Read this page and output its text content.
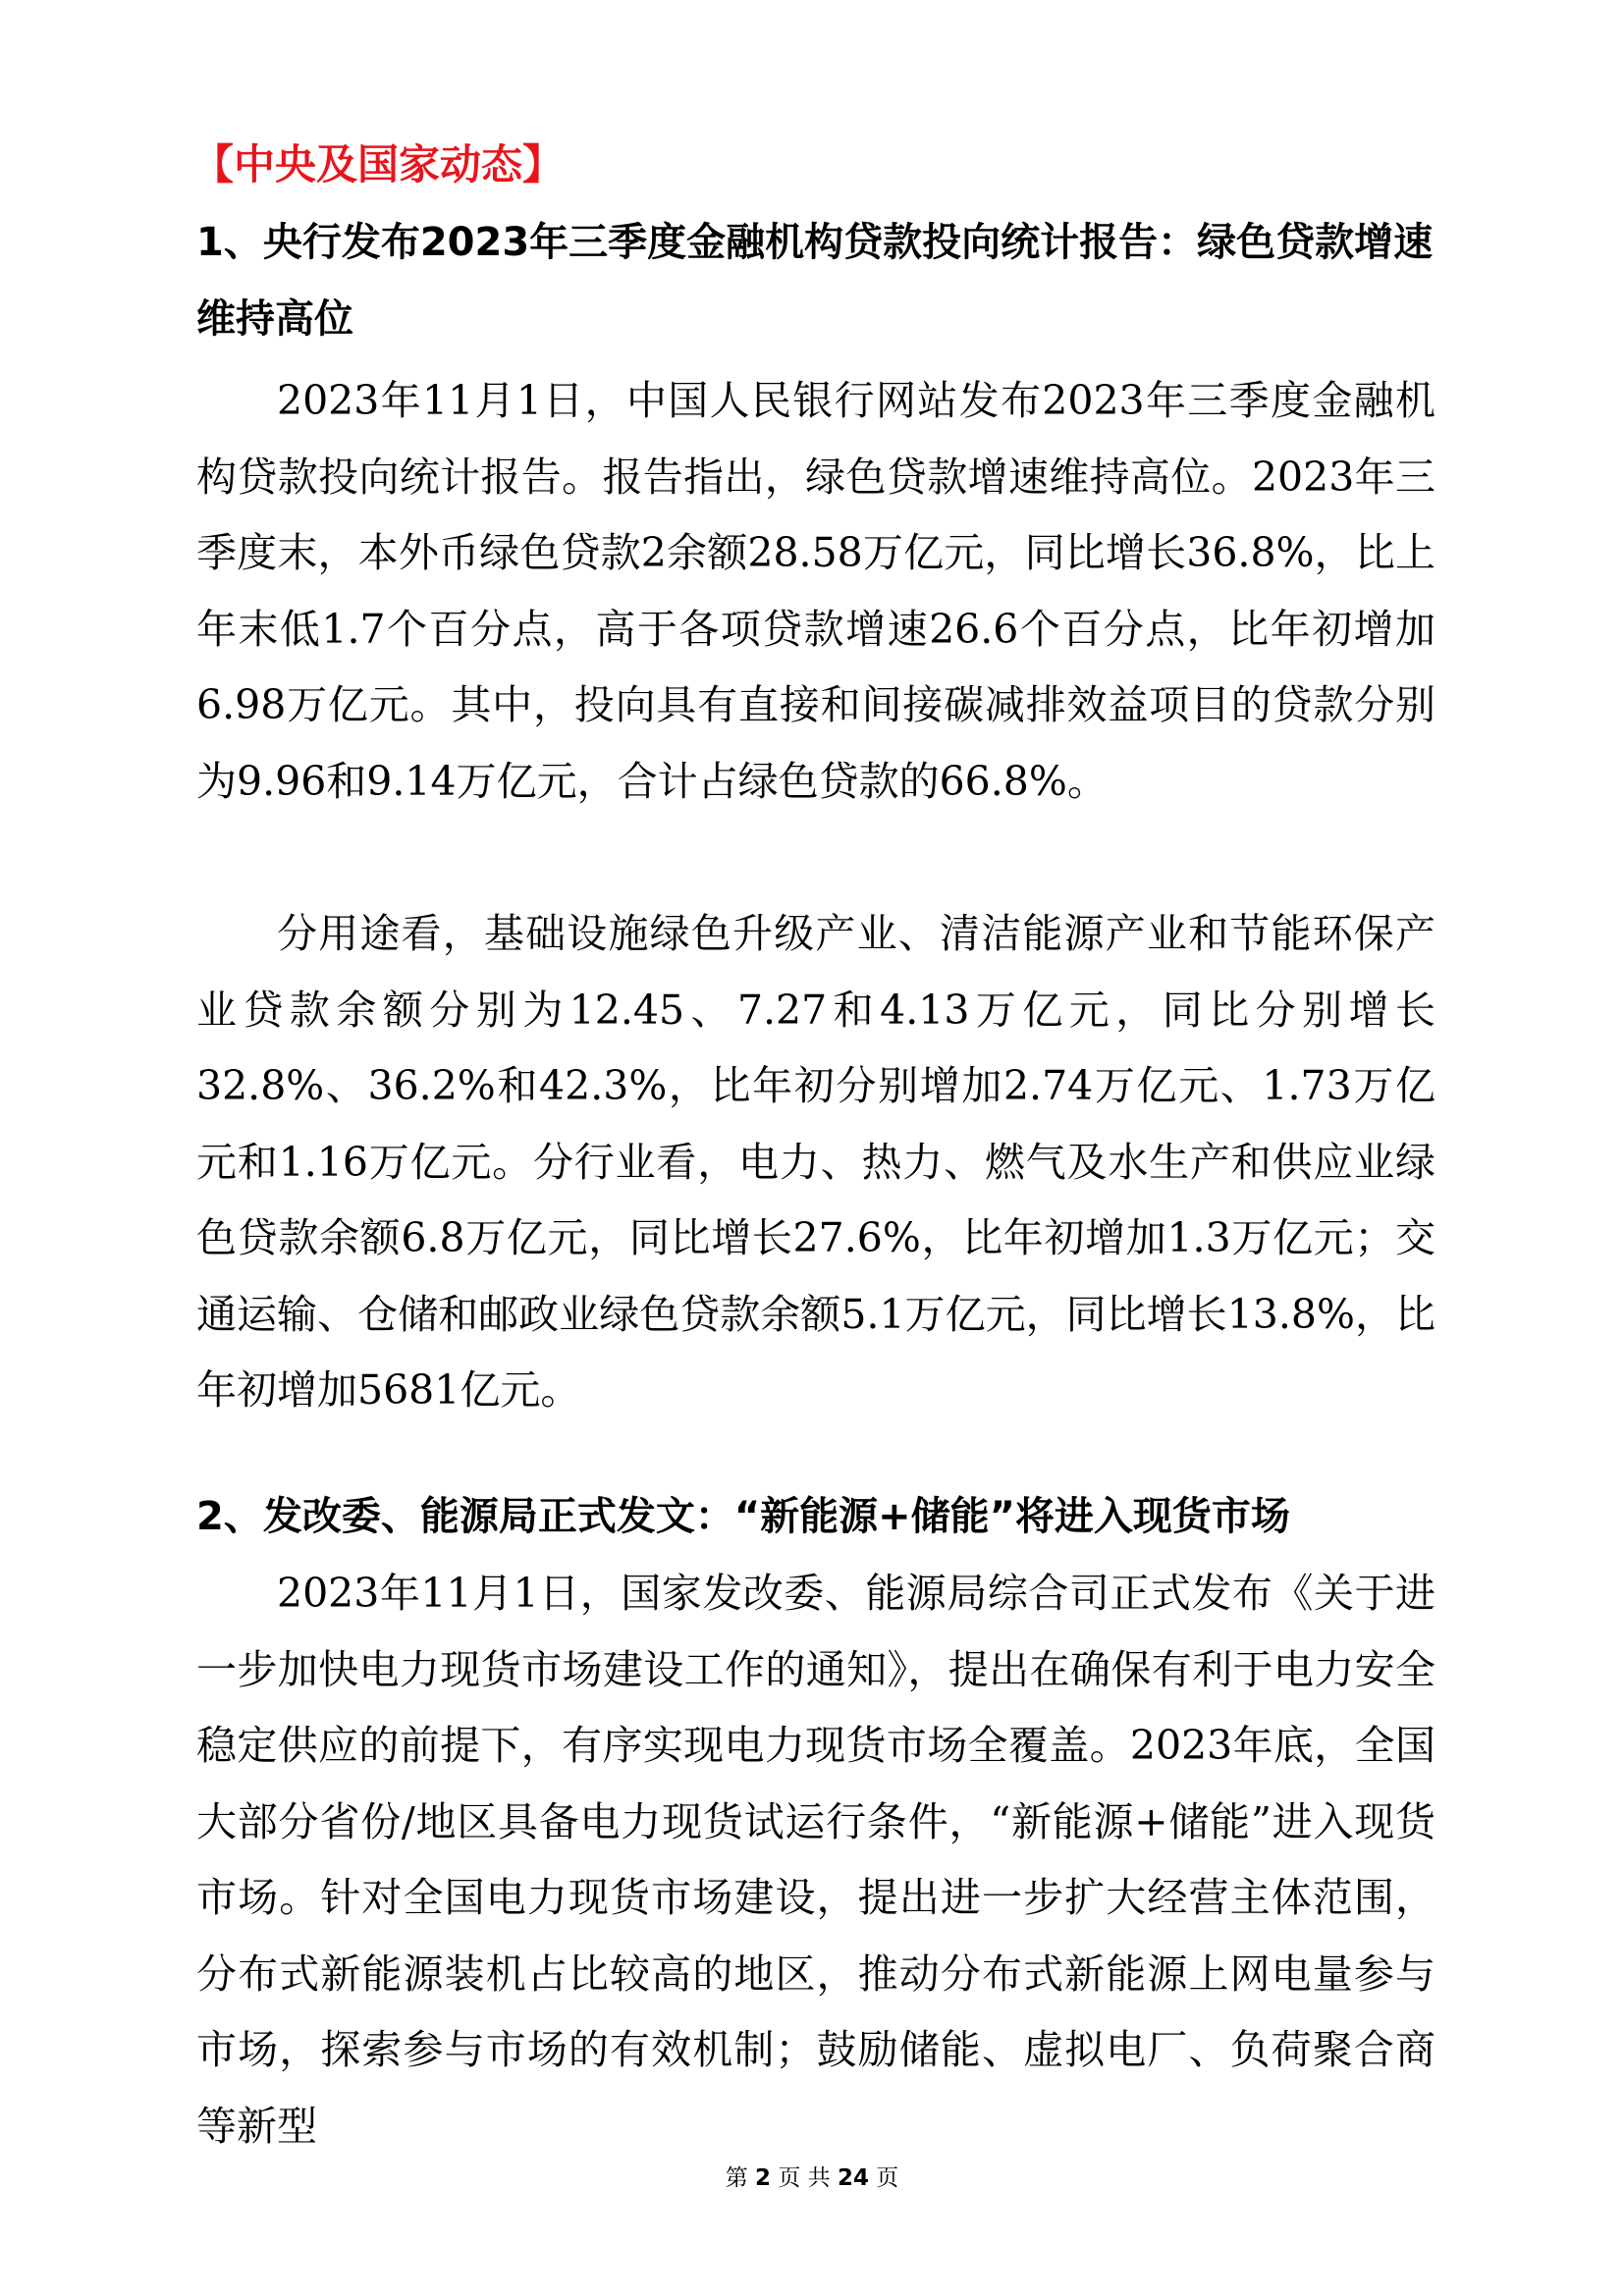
【中央及国家动态】
1、央行发布2023年三季度金融机构贷款投向统计报告：绿色贷款增速维持高位

2023年11月1日，中国人民银行网站发布2023年三季度金融机构贷款投向统计报告。报告指出，绿色贷款增速维持高位。2023年三季度末，本外币绿色贷款2余额28.58万亿元，同比增长36.8%，比上年末低1.7个百分点，高于各项贷款增速26.6个百分点，比年初增加6.98万亿元。其中，投向具有直接和间接碳减排效益项目的贷款分别为9.96和9.14万亿元，合计占绿色贷款的66.8%。

分用途看，基础设施绿色升级产业、清洁能源产业和节能环保产业贷款余额分别为12.45、7.27和4.13万亿元，同比分别增长32.8%、36.2%和42.3%，比年初分别增加2.74万亿元、1.73万亿元和1.16万亿元。分行业看，电力、热力、燃气及水生产和供应业绿色贷款余额6.8万亿元，同比增长27.6%，比年初增加1.3万亿元；交通运输、仓储和邮政业绿色贷款余额5.1万亿元，同比增长13.8%，比年初增加5681亿元。

2、发改委、能源局正式发文：“新能源+储能”将进入现货市场

2023年11月1日，国家发改委、能源局综合司正式发布《关于进一步加快电力现货市场建设工作的通知》，提出在确保有利于电力安全稳定供应的前提下，有序实现电力现货市场全覆盖。2023年底，全国大部分省份/地区具备电力现货试运行条件，“新能源+储能”进入现货市场。针对全国电力现货市场建设，提出进一步扩大经营主体范围，分布式新能源装机占比较高的地区，推动分布式新能源上网电量参与市场，探索参与市场的有效机制；鼓励储能、虚拟电厂、负荷聚合商等新型

第 2 页 共 24 页
